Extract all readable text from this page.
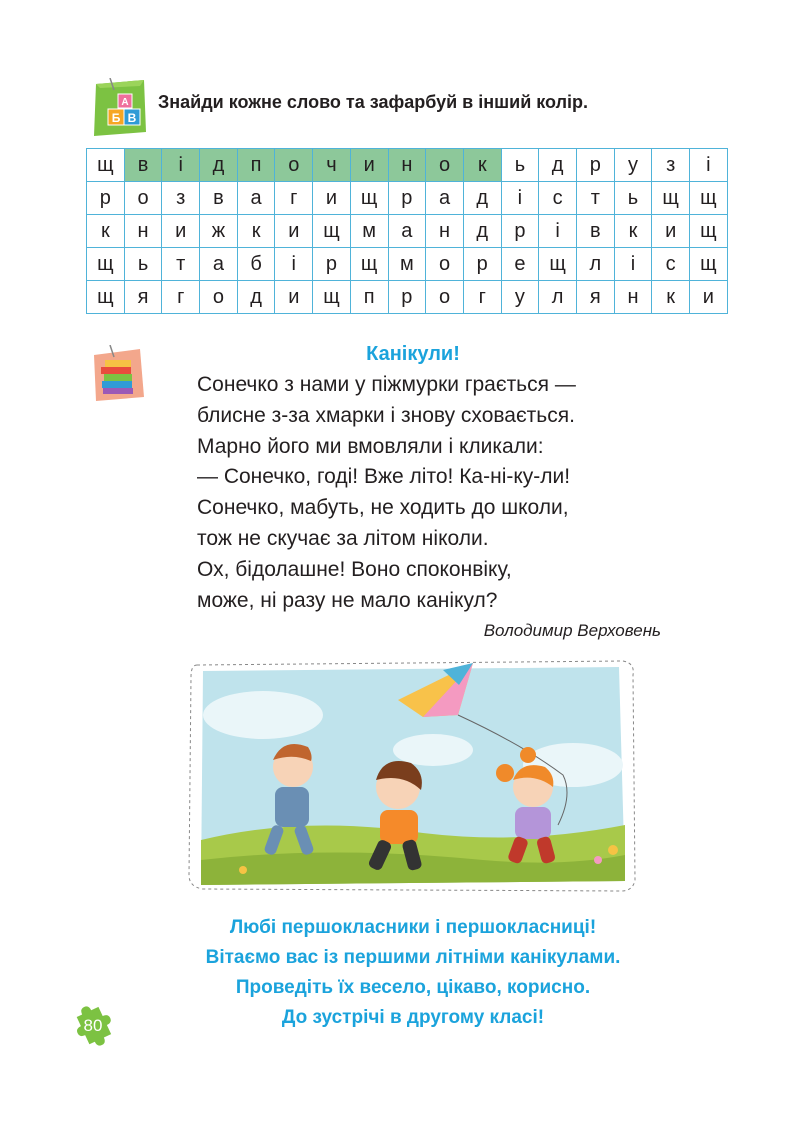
А
Б В
Знайди кожне слово та зафарбуй в інший колір.
щ	в	і	д	п	о	ч	и	н	о	к	ь	д	р	у	з	і
р	о	з	в	а	г	и	щ	р	а	д	і	с	т	ь	щ	щ
к	н	и	ж	к	и	щ	м	а	н	д	р	і	в	к	и	щ
щ	ь	т	а	б	і	р	щ	м	о	р	е	щ	л	і	с	щ
щ	я	г	о	д	и	щ	п	р	о	г	у	л	я	н	к	и
Канікули!
Сонечко з нами у піжмурки грається —
блисне з-за хмарки і знову сховається.
Марно його ми вмовляли і кликали:
— Сонечко, годі! Вже літо! Ка-ні-ку-ли!
Сонечко, мабуть, не ходить до школи,
тож не скучає за літом ніколи.
Ох, бідолашне! Воно споконвіку,
може, ні разу не мало канікул?
Володимир Верховень
Любі першокласники і першокласниці!
Вітаємо вас із першими літніми канікулами.
Проведіть їх весело, цікаво, корисно.
До зустрічі в другому класі!
80
